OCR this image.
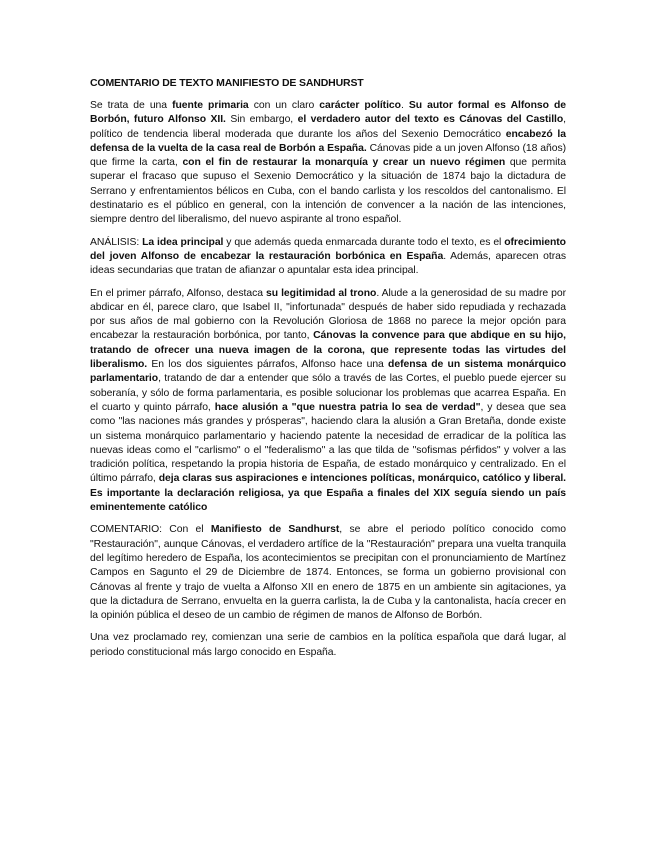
COMENTARIO DE TEXTO MANIFIESTO DE SANDHURST

Se trata de una fuente primaria con un claro carácter político. Su autor formal es Alfonso de Borbón, futuro Alfonso XII. Sin embargo, el verdadero autor del texto es Cánovas del Castillo, político de tendencia liberal moderada que durante los años del Sexenio Democrático encabezó la defensa de la vuelta de la casa real de Borbón a España. Cánovas pide a un joven Alfonso (18 años) que firme la carta, con el fin de restaurar la monarquía y crear un nuevo régimen que permita superar el fracaso que supuso el Sexenio Democrático y la situación de 1874 bajo la dictadura de Serrano y enfrentamientos bélicos en Cuba, con el bando carlista y los rescoldos del cantonalismo. El destinatario es el público en general, con la intención de convencer a la nación de las intenciones, siempre dentro del liberalismo, del nuevo aspirante al trono español.

ANÁLISIS: La idea principal y que además queda enmarcada durante todo el texto, es el ofrecimiento del joven Alfonso de encabezar la restauración borbónica en España. Además, aparecen otras ideas secundarias que tratan de afianzar o apuntalar esta idea principal.

En el primer párrafo, Alfonso, destaca su legitimidad al trono. Alude a la generosidad de su madre por abdicar en él, parece claro, que Isabel II, "infortunada" después de haber sido repudiada y rechazada por sus años de mal gobierno con la Revolución Gloriosa de 1868 no parece la mejor opción para encabezar la restauración borbónica, por tanto, Cánovas la convence para que abdique en su hijo, tratando de ofrecer una nueva imagen de la corona, que represente todas las virtudes del liberalismo. En los dos siguientes párrafos, Alfonso hace una defensa de un sistema monárquico parlamentario, tratando de dar a entender que sólo a través de las Cortes, el pueblo puede ejercer su soberanía, y sólo de forma parlamentaria, es posible solucionar los problemas que acarrea España. En el cuarto y quinto párrafo, hace alusión a "que nuestra patria lo sea de verdad", y desea que sea como "las naciones más grandes y prósperas", haciendo clara la alusión a Gran Bretaña, donde existe un sistema monárquico parlamentario y haciendo patente la necesidad de erradicar de la política las nuevas ideas como el "carlismo" o el "federalismo" a las que tilda de "sofismas pérfidos" y volver a las tradición política, respetando la propia historia de España, de estado monárquico y centralizado. En el último párrafo, deja claras sus aspiraciones e intenciones políticas, monárquico, católico y liberal. Es importante la declaración religiosa, ya que España a finales del XIX seguía siendo un país eminentemente católico

COMENTARIO: Con el Manifiesto de Sandhurst, se abre el periodo político conocido como "Restauración", aunque Cánovas, el verdadero artífice de la "Restauración" prepara una vuelta tranquila del legítimo heredero de España, los acontecimientos se precipitan con el pronunciamiento de Martínez Campos en Sagunto el 29 de Diciembre de 1874. Entonces, se forma un gobierno provisional con Cánovas al frente y trajo de vuelta a Alfonso XII en enero de 1875 en un ambiente sin agitaciones, ya que la dictadura de Serrano, envuelta en la guerra carlista, la de Cuba y la cantonalista, hacía crecer en la opinión pública el deseo de un cambio de régimen de manos de Alfonso de Borbón.

Una vez proclamado rey, comienzan una serie de cambios en la política española que dará lugar, al periodo constitucional más largo conocido en España.
